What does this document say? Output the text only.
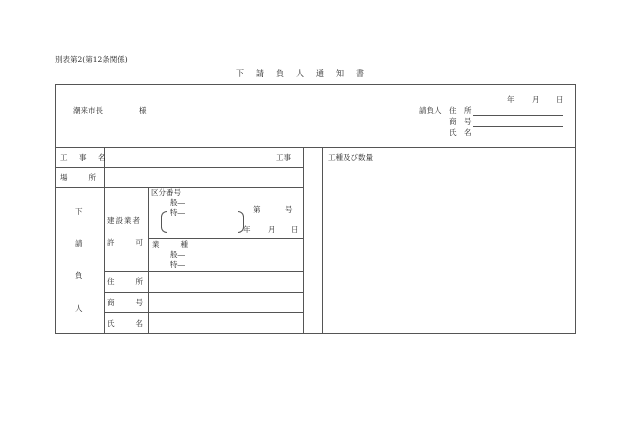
別表第2(第12条関係)
下　請　負　人　通　知　書
年 月 日
潮来市長	様	請負人 住　所
商　号
氏　名
工　事　名	工事
場　　所
下
請
負
人
建設業者
許　　可
区分番号
般―
特―	第	号
年 月 日
業　　種
般―
特―
住　　所
商　　号
氏　　名
工種及び数量
